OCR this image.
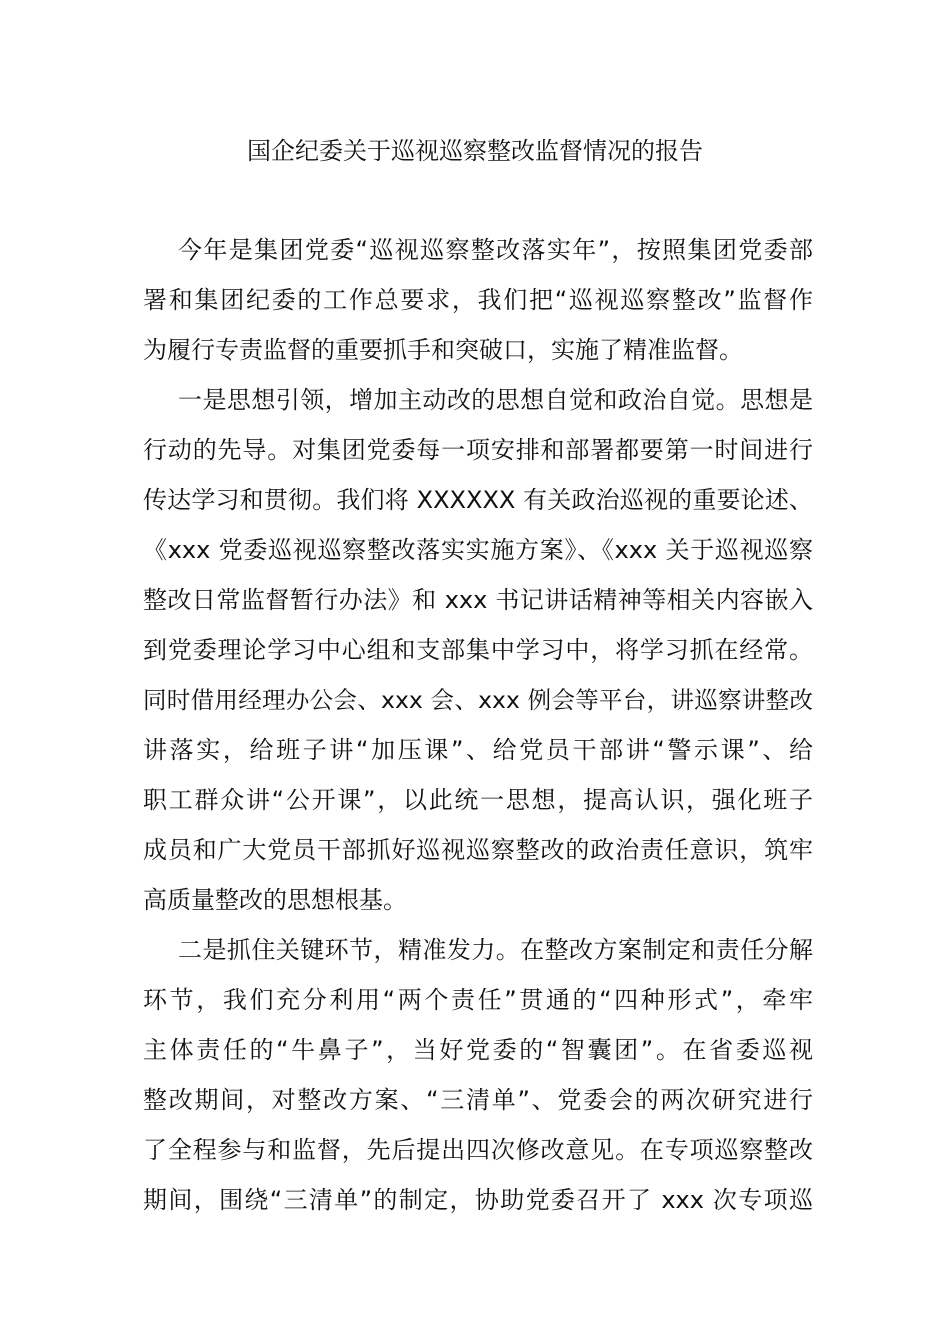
国企纪委关于巡视巡察整改监督情况的报告
今年是集团党委“巡视巡察整改落实年”，按照集团党委部
署和集团纪委的工作总要求，我们把“巡视巡察整改”监督作
为履行专责监督的重要抓手和突破口，实施了精准监督。
一是思想引领，增加主动改的思想自觉和政治自觉。思想是
行动的先导。对集团党委每一项安排和部署都要第一时间进行
传达学习和贯彻。我们将 XXXXXX 有关政治巡视的重要论述、
《xxx 党委巡视巡察整改落实实施方案》、《xxx 关于巡视巡察
整改日常监督暂行办法》和 xxx 书记讲话精神等相关内容嵌入
到党委理论学习中心组和支部集中学习中，将学习抓在经常。
同时借用经理办公会、xxx 会、xxx 例会等平台，讲巡察讲整改
讲落实，给班子讲“加压课”、给党员干部讲“警示课”、给
职工群众讲“公开课”，以此统一思想，提高认识，强化班子
成员和广大党员干部抓好巡视巡察整改的政治责任意识，筑牢
高质量整改的思想根基。
二是抓住关键环节，精准发力。在整改方案制定和责任分解
环节，我们充分利用“两个责任”贯通的“四种形式”，牵牢
主体责任的“牛鼻子”，当好党委的“智囊团”。在省委巡视
整改期间，对整改方案、“三清单”、党委会的两次研究进行
了全程参与和监督，先后提出四次修改意见。在专项巡察整改
期间，围绕“三清单”的制定，协助党委召开了 xxx 次专项巡
